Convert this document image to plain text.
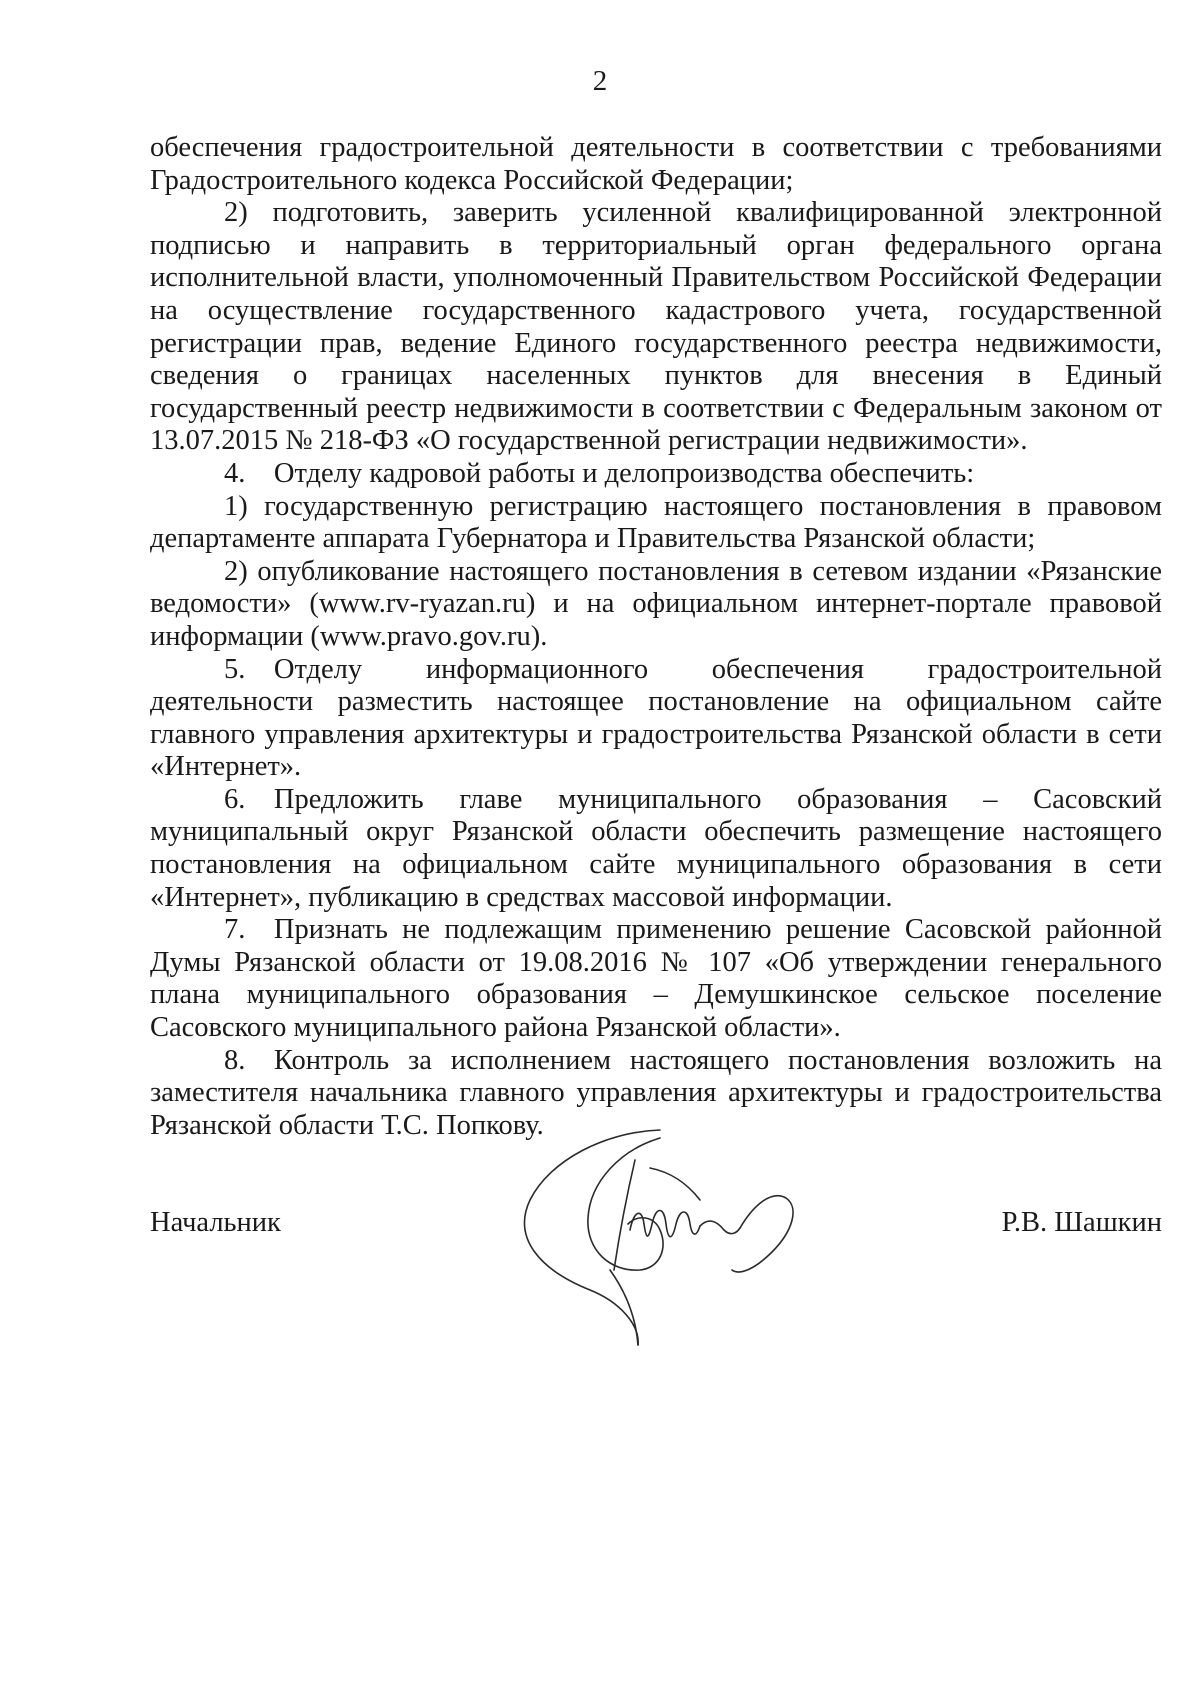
2

обеспечения градостроительной деятельности в соответствии с требованиями Градостроительного кодекса Российской Федерации;

2) подготовить, заверить усиленной квалифицированной электронной подписью и направить в территориальный орган федерального органа исполнительной власти, уполномоченный Правительством Российской Федерации на осуществление государственного кадастрового учета, государственной регистрации прав, ведение Единого государственного реестра недвижимости, сведения о границах населенных пунктов для внесения в Единый государственный реестр недвижимости в соответствии с Федеральным законом от 13.07.2015 № 218-ФЗ «О государственной регистрации недвижимости».

4. Отделу кадровой работы и делопроизводства обеспечить:

1) государственную регистрацию настоящего постановления в правовом департаменте аппарата Губернатора и Правительства Рязанской области;

2) опубликование настоящего постановления в сетевом издании «Рязанские ведомости» (www.rv-ryazan.ru) и на официальном интернет-портале правовой информации (www.pravo.gov.ru).

5. Отделу информационного обеспечения градостроительной деятельности разместить настоящее постановление на официальном сайте главного управления архитектуры и градостроительства Рязанской области в сети «Интернет».

6. Предложить главе муниципального образования – Сасовский муниципальный округ Рязанской области обеспечить размещение настоящего постановления на официальном сайте муниципального образования в сети «Интернет», публикацию в средствах массовой информации.

7. Признать не подлежащим применению решение Сасовской районной Думы Рязанской области от 19.08.2016 № 107 «Об утверждении генерального плана муниципального образования – Демушкинское сельское поселение Сасовского муниципального района Рязанской области».

8. Контроль за исполнением настоящего постановления возложить на заместителя начальника главного управления архитектуры и градостроительства Рязанской области Т.С. Попкову.

Начальник	Р.В. Шашкин
